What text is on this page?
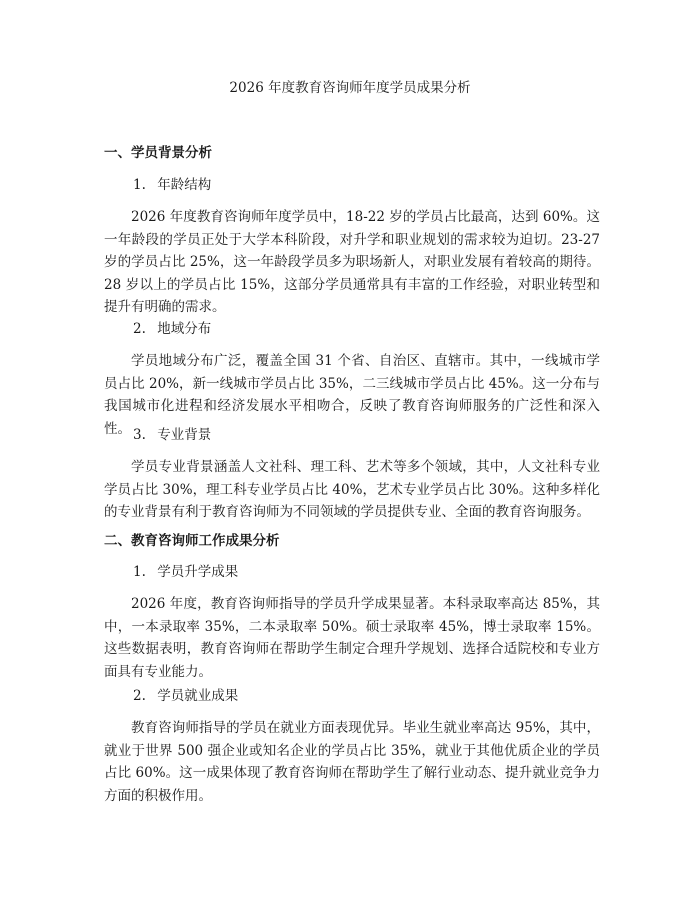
2026 年度教育咨询师年度学员成果分析
一、学员背景分析
1. 年龄结构

2026 年度教育咨询师年度学员中，18-22 岁的学员占比最高，达到 60%。这一年龄段的学员正处于大学本科阶段，对升学和职业规划的需求较为迫切。23-27 岁的学员占比 25%，这一年龄段学员多为职场新人，对职业发展有着较高的期待。28 岁以上的学员占比 15%，这部分学员通常具有丰富的工作经验，对职业转型和提升有明确的需求。

2. 地域分布

学员地域分布广泛，覆盖全国 31 个省、自治区、直辖市。其中，一线城市学员占比 20%，新一线城市学员占比 35%，二三线城市学员占比 45%。这一分布与我国城市化进程和经济发展水平相吻合，反映了教育咨询师服务的广泛性和深入性。 3. 专业背景

学员专业背景涵盖人文社科、理工科、艺术等多个领域，其中，人文社科专业学员占比 30%，理工科专业学员占比 40%，艺术专业学员占比 30%。这种多样化的专业背景有利于教育咨询师为不同领域的学员提供专业、全面的教育咨询服务。

二、教育咨询师工作成果分析
1. 学员升学成果

2026 年度，教育咨询师指导的学员升学成果显著。本科录取率高达 85%，其中，一本录取率 35%，二本录取率 50%。硕士录取率 45%，博士录取率 15%。这些数据表明，教育咨询师在帮助学生制定合理升学规划、选择合适院校和专业方面具有专业能力。

2. 学员就业成果

教育咨询师指导的学员在就业方面表现优异。毕业生就业率高达 95%，其中，就业于世界 500 强企业或知名企业的学员占比 35%，就业于其他优质企业的学员占比 60%。这一成果体现了教育咨询师在帮助学生了解行业动态、提升就业竞争力方面的积极作用。
